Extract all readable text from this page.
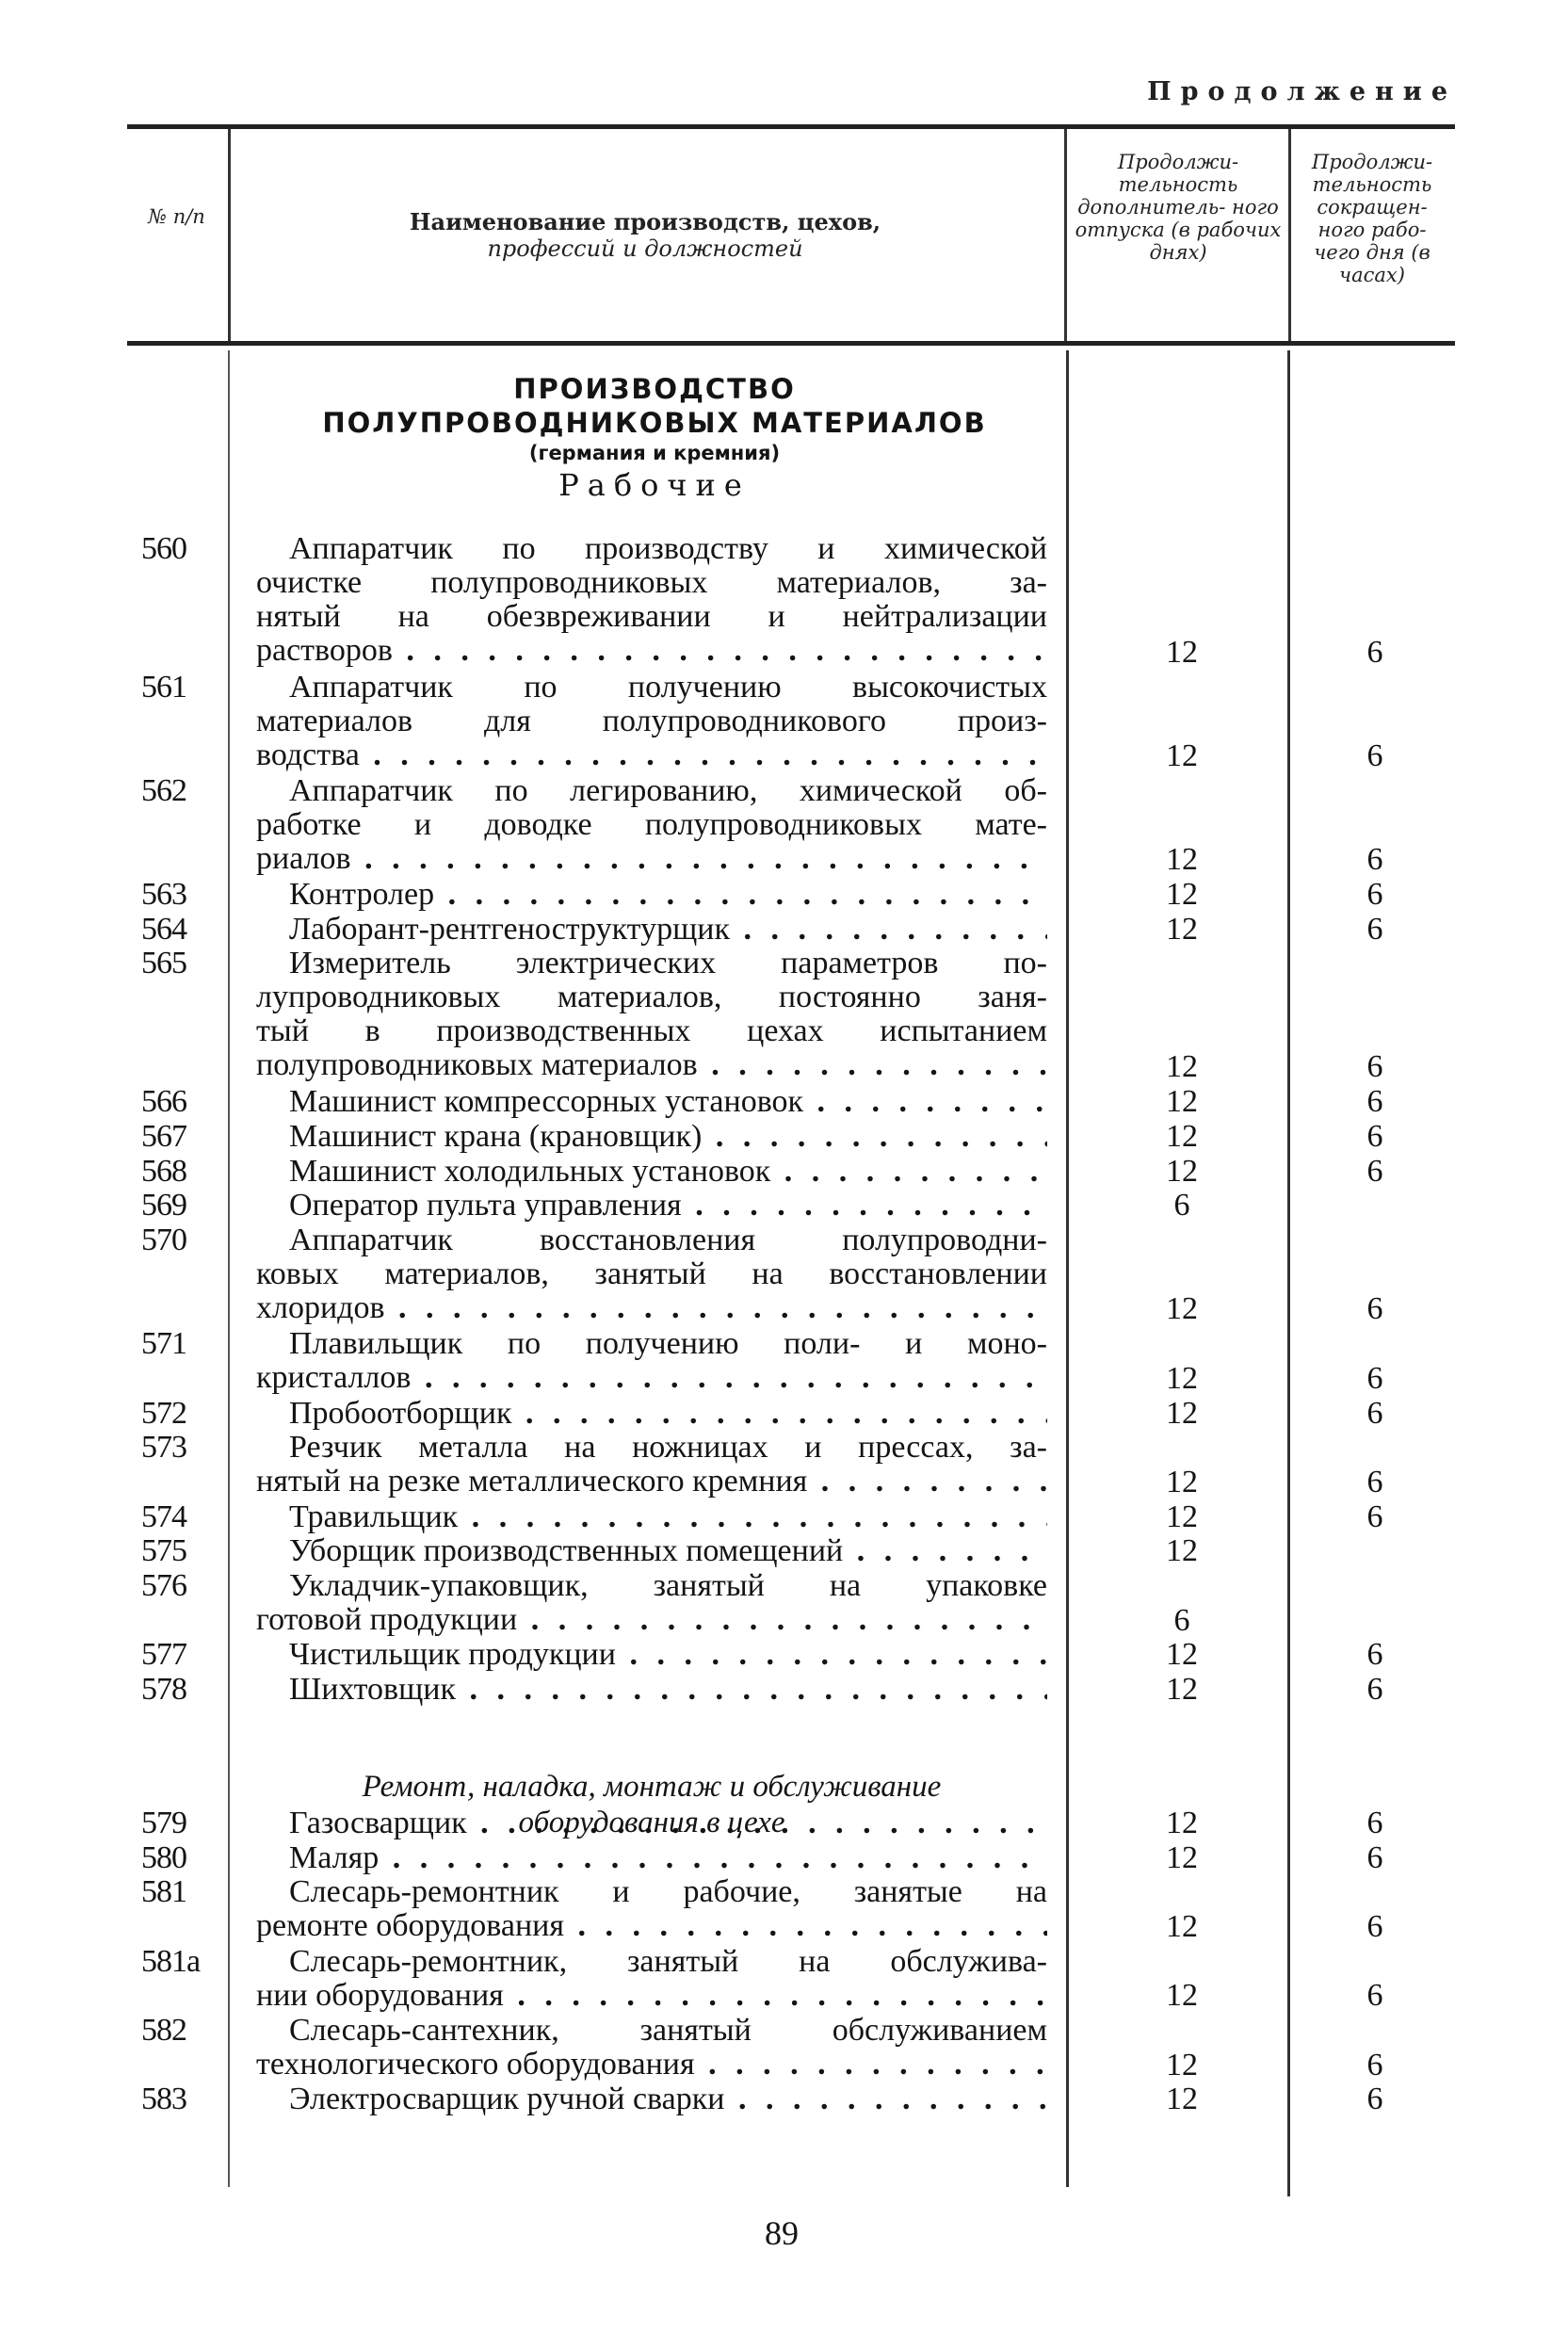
Продолжение
№ п/п	Наименование производств, цехов,
профессий и должностей
Продолжи- тельность дополнитель- ного отпуска (в рабочих днях)
Продолжи- тельность сокращен- ного рабо- чего дня (в часах)
ПРОИЗВОДСТВО
ПОЛУПРОВОДНИКОВЫХ МАТЕРИАЛОВ
(германия и кремния)
Рабочие
560	Аппаратчик по производству и химической
очистке полупроводниковых материалов, за-
нятый на обезвреживании и нейтрализации
растворов . . .	12	6
561	Аппаратчик по получению высокочистых
материалов для полупроводникового произ-
водства . . .	12	6
562	Аппаратчик по легированию, химической об-
работке и доводке полупроводниковых мате-
риалов . . .	12	6
563	Контролер . . .	12	6
564	Лаборант-рентгеноструктурщик . . .	12	6
565	Измеритель электрических параметров по-
лупроводниковых материалов, постоянно заня-
тый в производственных цехах испытанием
полупроводниковых материалов . . .	12	6
566	Машинист компрессорных установок . . .	12	6
567	Машинист крана (крановщик) . . .	12	6
568	Машинист холодильных установок . . .	12	6
569	Оператор пульта управления . . .	6
570	Аппаратчик восстановления полупроводни-
ковых материалов, занятый на восстановлении
хлоридов . . .	12	6
571	Плавильщик по получению поли- и моно-
кристаллов . . .	12	6
572	Пробоотборщик . . .	12	6
573	Резчик металла на ножницах и прессах, за-
нятый на резке металлического кремния . . .	12	6
574	Травильщик . . .	12	6
575	Уборщик производственных помещений . . .	12
576	Укладчик-упаковщик, занятый на упаковке
готовой продукции . . .	6
577	Чистильщик продукции . . .	12	6
578	Шихтовщик . . .	12	6
579	Газосварщик . . .	12	6
580	Маляр . . .	12	6
581	Слесарь-ремонтник и рабочие, занятые на
ремонте оборудования . . .	12	6
581а	Слесарь-ремонтник, занятый на обслужива-
нии оборудования . . .	12	6
582	Слесарь-сантехник, занятый обслуживанием
технологического оборудования . . .	12	6
583	Электросварщик ручной сварки . . .	12	6
Ремонт, наладка, монтаж и обслуживание
оборудования в цехе
89
